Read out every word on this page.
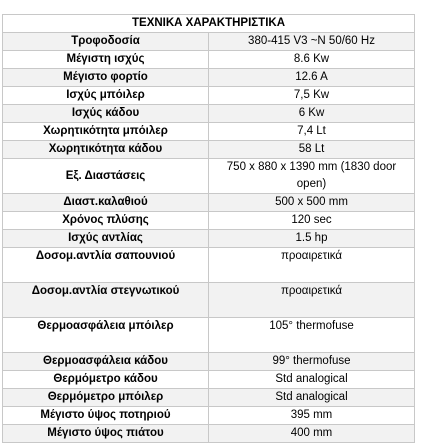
ΤΕΧΝΙΚΑ ΧΑΡΑΚΤΗΡΙΣΤΙΚΑ	
Τροφοδοσία	380-415 V3 ~N 50/60 Hz
Μέγιστη ισχύς	8.6 Kw
Μέγιστο φορτίο	12.6 A
Ισχύς μπόιλερ	7,5 Kw
Ισχύς κάδου	6 Kw
Χωρητικότητα μπόιλερ	7,4 Lt
Χωρητικότητα κάδου	58 Lt
Εξ. Διαστάσεις	750 x 880 x 1390 mm (1830 door open)
Διαστ.καλαθιού	500 x 500 mm
Χρόνος πλύσης	120 sec
Ισχύς αντλίας	1.5 hp
Δοσομ.αντλία σαπουνιού	προαιρετικά
Δοσομ.αντλία στεγνωτικού	προαιρετικά
Θερμοασφάλεια μπόιλερ	105° thermofuse
Θερμοασφάλεια κάδου	99° thermofuse
Θερμόμετρο κάδου	Std analogical
Θερμόμετρο μπόιλερ	Std analogical
Μέγιστο ύψος ποτηριού	395 mm
Μέγιστο ύψος πιάτου	400 mm
